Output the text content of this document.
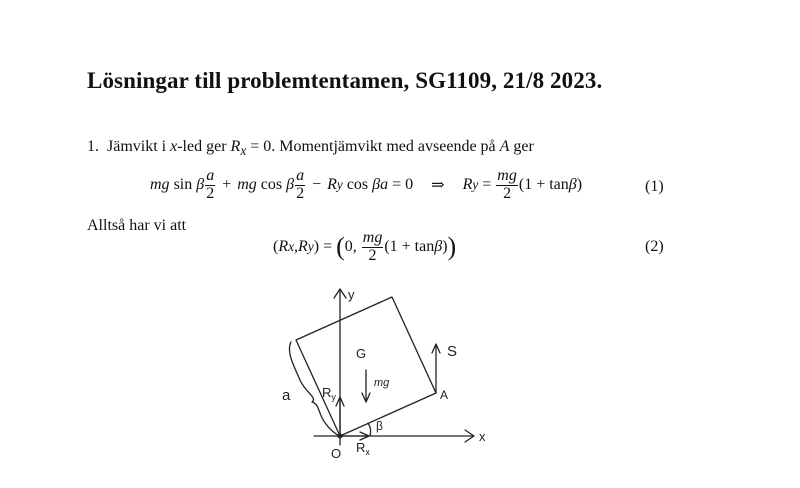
Lösningar till problemtentamen, SG1109, 21/8 2023.
1. Jämvikt i x-led ger $R_x = 0$. Momentjämvikt med avseende på A ger
mg
sin
β $\frac{a}{2}$ + mg
cos
β $\frac{a}{2} - R$ y
cos
β a
= 0 ⇒ R y
=
$\frac{mg}{2} (1 + \tan \beta$ )	(1)
Alltså har vi att
( R x , R y )
=
( 0,
$\frac{mg}{2} (1 + \tan \beta$ ) )	(2)
y
x
O
G
mg
S
A
a $R_y$
$R_x$
β
